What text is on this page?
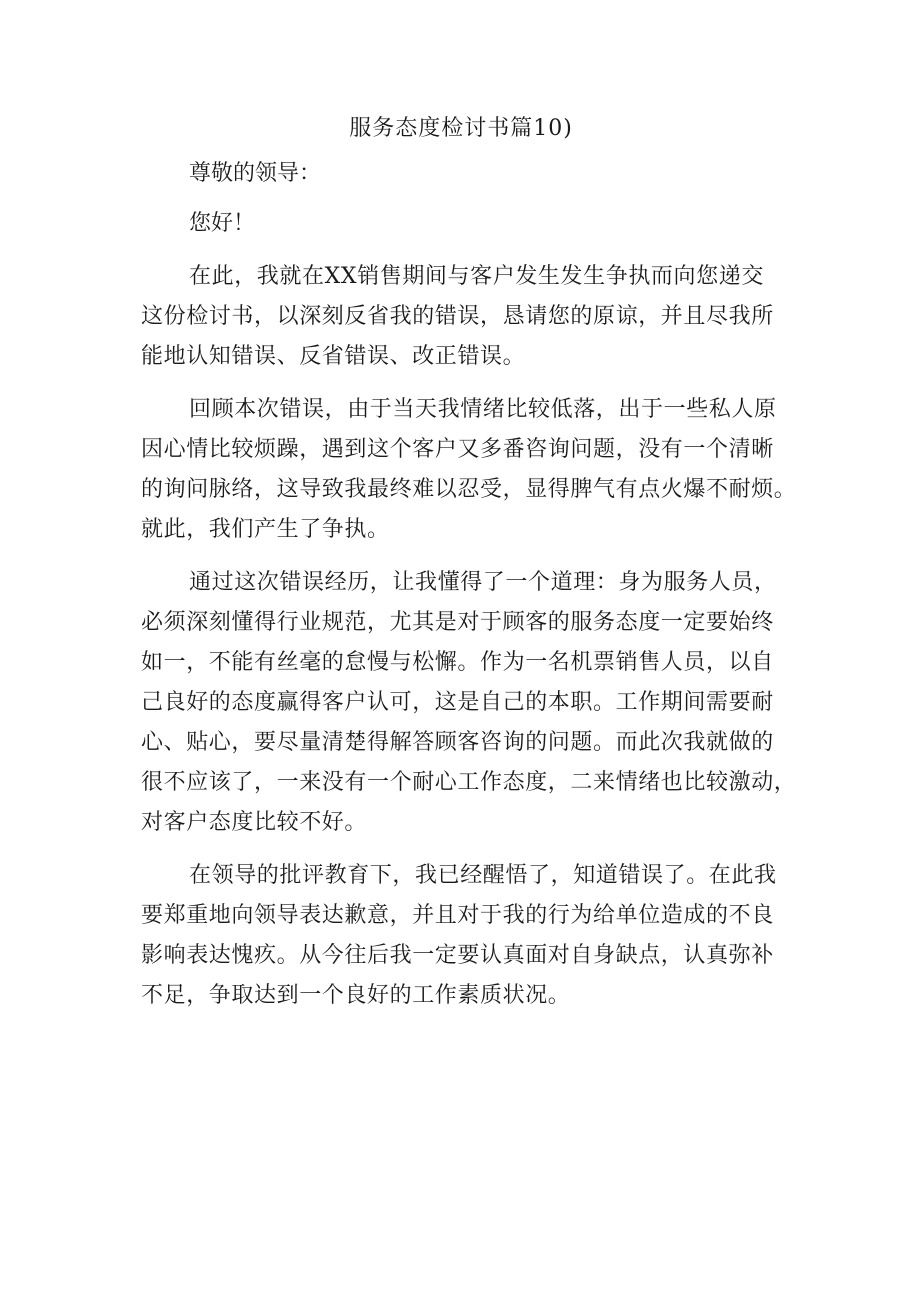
服务态度检讨书篇10)

尊敬的领导：

您好！

在此，我就在XX销售期间与客户发生发生争执而向您递交
这份检讨书，以深刻反省我的错误，恳请您的原谅，并且尽我所
能地认知错误、反省错误、改正错误。

回顾本次错误，由于当天我情绪比较低落，出于一些私人原
因心情比较烦躁，遇到这个客户又多番咨询问题，没有一个清晰
的询问脉络，这导致我最终难以忍受，显得脾气有点火爆不耐烦。
就此，我们产生了争执。

通过这次错误经历，让我懂得了一个道理：身为服务人员，
必须深刻懂得行业规范，尤其是对于顾客的服务态度一定要始终
如一，不能有丝毫的怠慢与松懈。作为一名机票销售人员，以自
己良好的态度赢得客户认可，这是自己的本职。工作期间需要耐
心、贴心，要尽量清楚得解答顾客咨询的问题。而此次我就做的
很不应该了，一来没有一个耐心工作态度，二来情绪也比较激动，
对客户态度比较不好。

在领导的批评教育下，我已经醒悟了，知道错误了。在此我
要郑重地向领导表达歉意，并且对于我的行为给单位造成的不良
影响表达愧疚。从今往后我一定要认真面对自身缺点，认真弥补
不足，争取达到一个良好的工作素质状况。
